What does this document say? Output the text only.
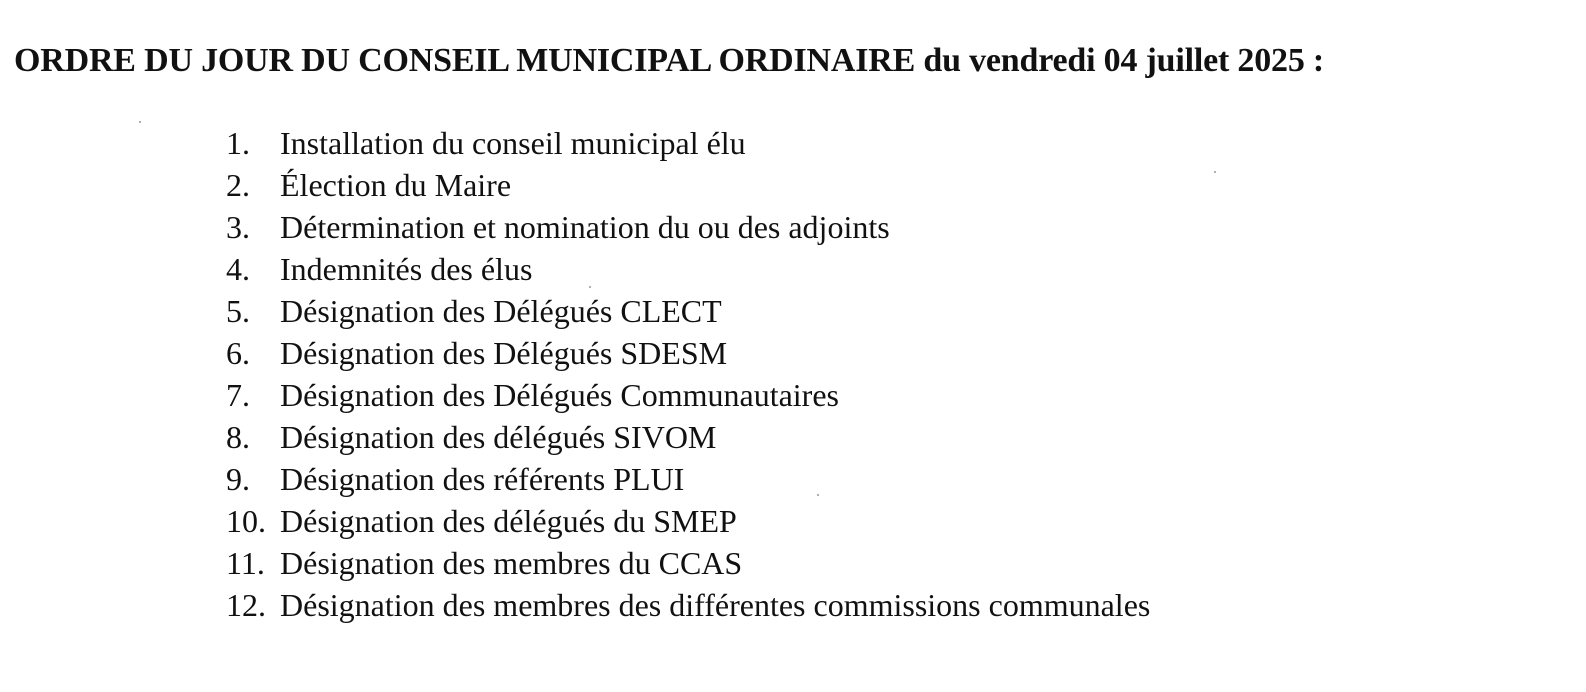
ORDRE DU JOUR DU CONSEIL MUNICIPAL ORDINAIRE du vendredi 04 juillet 2025 :
1. Installation du conseil municipal élu
2. Élection du Maire
3. Détermination et nomination du ou des adjoints
4. Indemnités des élus
5. Désignation des Délégués CLECT
6. Désignation des Délégués SDESM
7. Désignation des Délégués Communautaires
8. Désignation des délégués SIVOM
9. Désignation des référents PLUI
10. Désignation des délégués du SMEP
11. Désignation des membres du CCAS
12. Désignation des membres des différentes commissions communales
